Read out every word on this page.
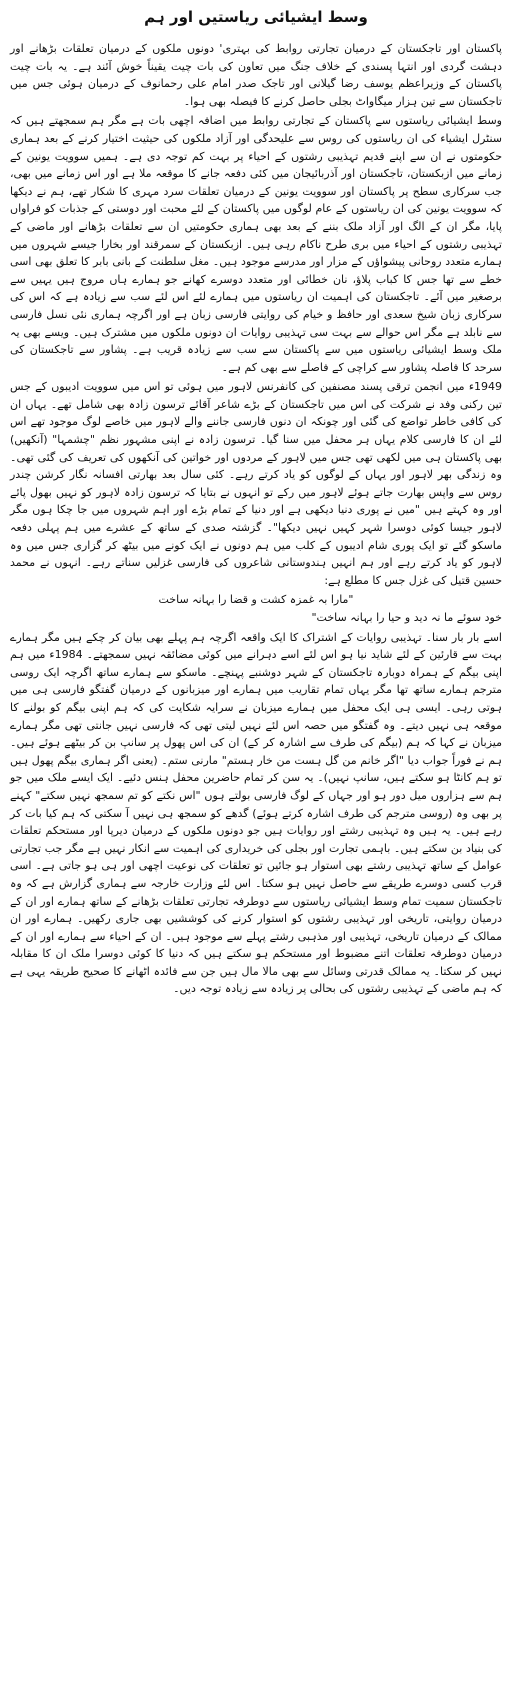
وسط ایشیائی ریاستیں اور ہم

پاکستان اور تاجکستان کے درمیان تجارتی روابط کی بہتری' دونوں ملکوں کے درمیان تعلقات بڑھانے اور دہشت گردی اور انتہا پسندی کے خلاف جنگ میں تعاون کی بات چیت یقیناً خوش آئند ہے۔ یہ بات چیت پاکستان کے وزیراعظم یوسف رضا گیلانی اور تاجک صدر امام علی رحمانوف کے درمیان ہوئی جس میں تاجکستان سے تین ہزار میگاواٹ بجلی حاصل کرنے کا فیصلہ بھی ہوا۔

وسط ایشیائی ریاستوں سے پاکستان کے تجارتی روابط میں اضافہ اچھی بات ہے مگر ہم سمجھتے ہیں کہ سنٹرل ایشیاء کی ان ریاستوں کی روس سے علیحدگی اور آزاد ملکوں کی حیثیت اختیار کرنے کے بعد ہماری حکومتوں نے ان سے اپنے قدیم تہذیبی رشتوں کے احیاء پر بہت کم توجہ دی ہے۔ ہمیں سوویت یونین کے زمانے میں ازبکستان، تاجکستان اور آذربائیجان میں کئی دفعہ جانے کا موقعہ ملا ہے اور اس زمانے میں بھی، جب سرکاری سطح پر پاکستان اور سوویت یونین کے درمیان تعلقات سرد مہری کا شکار تھے، ہم نے دیکھا کہ سوویت یونین کی ان ریاستوں کے عام لوگوں میں پاکستان کے لئے محبت اور دوستی کے جذبات کو فراواں پایا، مگر ان کے الگ اور آزاد ملک بننے کے بعد بھی ہماری حکومتیں ان سے تعلقات بڑھانے اور ماضی کے تہذیبی رشتوں کے احیاء میں بری طرح ناکام رہی ہیں۔ ازبکستان کے سمرقند اور بخارا جیسے شہروں میں ہمارے متعدد روحانی پیشواؤں کے مزار اور مدرسے موجود ہیں۔ مغل سلطنت کے بانی بابر کا تعلق بھی اسی خطے سے تھا جس کا کباب پلاؤ، نان خطائی اور متعدد دوسرے کھانے جو ہمارے ہاں مروج ہیں یہیں سے برصغیر میں آئے۔ تاجکستان کی اہمیت ان ریاستوں میں ہمارے لئے اس لئے سب سے زیادہ ہے کہ اس کی سرکاری زبان شیخ سعدی اور حافظ و خیام کی روایتی فارسی زبان ہے اور اگرچہ ہماری نئی نسل فارسی سے نابلد ہے مگر اس حوالے سے بہت سی تہذیبی روایات ان دونوں ملکوں میں مشترک ہیں۔ ویسے بھی یہ ملک وسط ایشیائی ریاستوں میں سے پاکستان سے سب سے زیادہ قریب ہے۔ پشاور سے تاجکستان کی سرحد کا فاصلہ پشاور سے کراچی کے فاصلے سے بھی کم ہے۔

1949ء میں انجمن ترقی پسند مصنفین کی کانفرنس لاہور میں ہوئی تو اس میں سوویت ادیبوں کے جس تین رکنی وفد نے شرکت کی اس میں تاجکستان کے بڑے شاعر آقائے ترسون زادہ بھی شامل تھے۔ یہاں ان کی کافی خاطر تواضع کی گئی اور چونکہ ان دنوں فارسی جاننے والے لاہور میں خاصے لوگ موجود تھے اس لئے ان کا فارسی کلام یہاں ہر محفل میں سنا گیا۔ ترسون زادہ نے اپنی مشہور نظم "چشمہا" (آنکھیں) بھی پاکستان ہی میں لکھی تھی جس میں لاہور کے مردوں اور خواتین کی آنکھوں کی تعریف کی گئی تھی۔ وہ زندگی بھر لاہور اور یہاں کے لوگوں کو یاد کرتے رہے۔ کئی سال بعد بھارتی افسانہ نگار کرشن چندر روس سے واپس بھارت جاتے ہوئے لاہور میں رکے تو انہوں نے بتایا کہ ترسون زادہ لاہور کو نہیں بھول پائے اور وہ کہتے ہیں "میں نے پوری دنیا دیکھی ہے اور دنیا کے تمام بڑے اور اہم شہروں میں جا چکا ہوں مگر لاہور جیسا کوئی دوسرا شہر کہیں نہیں دیکھا"۔ گزشتہ صدی کے ساتھ کے عشرے میں ہم پہلی دفعہ ماسکو گئے تو ایک پوری شام ادیبوں کے کلب میں ہم دونوں نے ایک کونے میں بیٹھ کر گزاری جس میں وہ لاہور کو یاد کرتے رہے اور ہم انہیں ہندوستانی شاعروں کی فارسی غزلیں سناتے رہے۔ انہوں نے محمد حسین قتیل کی غزل جس کا مطلع ہے:

"مارا بہ غمزہ کشت و قضا را بہانہ ساخت

خود سوئے ما نہ دید و حیا را بہانہ ساخت"

اسے بار بار سنا۔ تہذیبی روایات کے اشتراک کا ایک واقعہ اگرچہ ہم پہلے بھی بیان کر چکے ہیں مگر ہمارے بہت سے قارئین کے لئے شاید نیا ہو اس لئے اسے دہرانے میں کوئی مضائقہ نہیں سمجھتے۔ 1984ء میں ہم اپنی بیگم کے ہمراہ دوبارہ تاجکستان کے شہر دوشنبے پہنچے۔ ماسکو سے ہمارے ساتھ اگرچہ ایک روسی مترجم ہمارے ساتھ تھا مگر یہاں تمام تقاریب میں ہمارے اور میزبانوں کے درمیان گفتگو فارسی ہی میں ہوتی رہی۔ ایسی ہی ایک محفل میں ہمارے میزبان نے سرایہ شکایت کی کہ ہم اپنی بیگم کو بولنے کا موقعہ ہی نہیں دیتے۔ وہ گفتگو میں حصہ اس لئے نہیں لیتی تھی کہ فارسی نہیں جانتی تھی مگر ہمارے میزبان نے کہا کہ ہم (بیگم کی طرف سے اشارہ کر کے) ان کی اس پھول پر سانپ بن کر بیٹھے ہوئے ہیں۔ ہم نے فوراً جواب دیا "اگر خانم من گل ہست من خار ہستم" مارنی ستم۔ (یعنی اگر ہماری بیگم پھول ہیں تو ہم کانٹا ہو سکتے ہیں، سانپ نہیں)۔ یہ سن کر تمام حاضرین محفل ہنس دئیے۔ ایک ایسے ملک میں جو ہم سے ہزاروں میل دور ہو اور جہاں کے لوگ فارسی بولتے ہوں "اس نکتے کو تم سمجھ نہیں سکتے" کہنے پر بھی وہ (روسی مترجم کی طرف اشارہ کرتے ہوئے) گدھے کو سمجھ ہی نہیں آ سکتی کہ ہم کیا بات کر رہے ہیں۔ یہ ہیں وہ تہذیبی رشتے اور روایات ہیں جو دونوں ملکوں کے درمیان دیرپا اور مستحکم تعلقات کی بنیاد بن سکتے ہیں۔ باہمی تجارت اور بجلی کی خریداری کی اہمیت سے انکار نہیں ہے مگر جب تجارتی عوامل کے ساتھ تہذیبی رشتے بھی استوار ہو جائیں تو تعلقات کی نوعیت اچھی اور ہی ہو جاتی ہے۔ اسی قرب کسی دوسرے طریقے سے حاصل نہیں ہو سکتا۔ اس لئے وزارت خارجہ سے ہماری گزارش ہے کہ وہ تاجکستان سمیت تمام وسط ایشیائی ریاستوں سے دوطرفہ تجارتی تعلقات بڑھانے کے ساتھ ہمارے اور ان کے درمیان روایتی، تاریخی اور تہذیبی رشتوں کو استوار کرنے کی کوششیں بھی جاری رکھیں۔ ہمارے اور ان ممالک کے درمیان تاریخی، تہذیبی اور مذہبی رشتے پہلے سے موجود ہیں۔ ان کے احیاء سے ہمارے اور ان کے درمیان دوطرفہ تعلقات اتنے مضبوط اور مستحکم ہو سکتے ہیں کہ دنیا کا کوئی دوسرا ملک ان کا مقابلہ نہیں کر سکتا۔ یہ ممالک قدرتی وسائل سے بھی مالا مال ہیں جن سے فائدہ اٹھانے کا صحیح طریقہ یہی ہے کہ ہم ماضی کے تہذیبی رشتوں کی بحالی پر زیادہ سے زیادہ توجہ دیں۔
